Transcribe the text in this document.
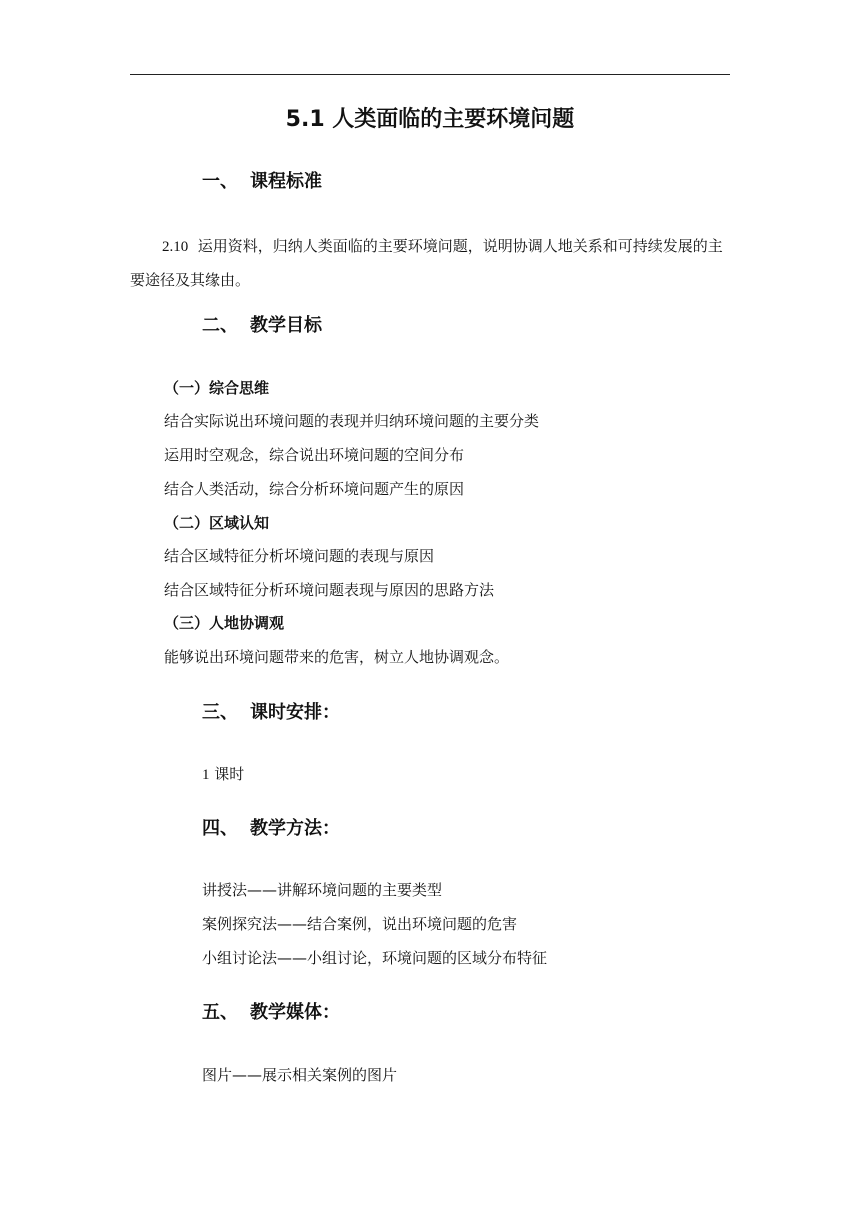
5.1 人类面临的主要环境问题
一、 课程标准
2.10 运用资料，归纳人类面临的主要环境问题，说明协调人地关系和可持续发展的主要途径及其缘由。
二、 教学目标
（一）综合思维
结合实际说出环境问题的表现并归纳环境问题的主要分类
运用时空观念，综合说出环境问题的空间分布
结合人类活动，综合分析环境问题产生的原因
（二）区域认知
结合区域特征分析坏境问题的表现与原因
结合区域特征分析环境问题表现与原因的思路方法
（三）人地协调观
能够说出环境问题带来的危害，树立人地协调观念。
三、 课时安排：
1 课时
四、 教学方法：
讲授法——讲解环境问题的主要类型
案例探究法——结合案例，说出环境问题的危害
小组讨论法——小组讨论，环境问题的区域分布特征
五、 教学媒体：
图片——展示相关案例的图片
